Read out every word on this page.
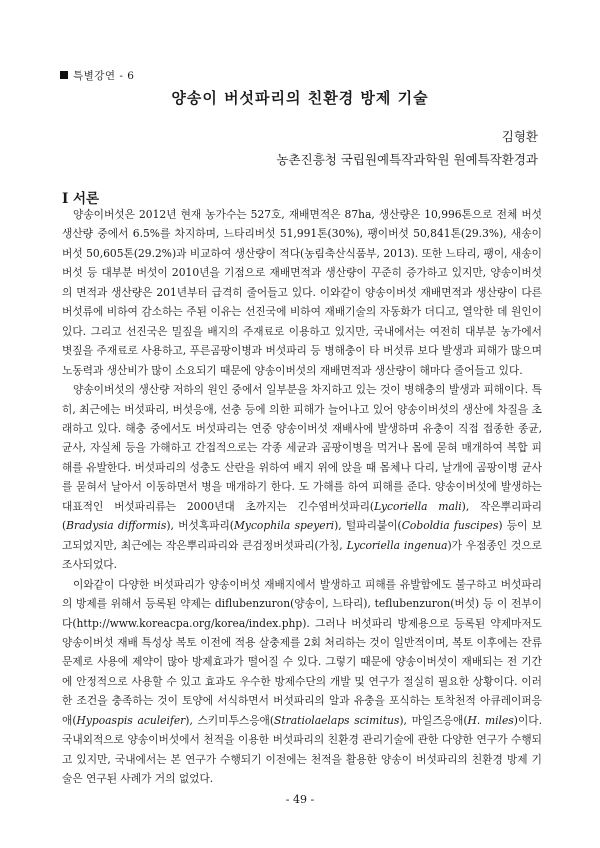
특별강연 - 6
양송이 버섯파리의 친환경 방제 기술
김형환
농촌진흥청 국립원예특작과학원 원예특작환경과
I 서론

양송이버섯은 2012년 현재 농가수는 527호, 재배면적은 87ha, 생산량은 10,996톤으로 전체 버섯 생산량 중에서 6.5%를 차지하며, 느타리버섯 51,991톤(30%), 팽이버섯 50,841톤(29.3%), 새송이버섯 50,605톤(29.2%)과 비교하여 생산량이 적다(농림축산식품부, 2013). 또한 느타리, 팽이, 새송이버섯 등 대부분 버섯이 2010년을 기점으로 재배면적과 생산량이 꾸준히 증가하고 있지만, 양송이버섯의 면적과 생산량은 201년부터 급격히 줄어들고 있다. 이와같이 양송이버섯 재배면적과 생산량이 다른 버섯류에 비하여 감소하는 주된 이유는 선진국에 비하여 재배기술의 자동화가 더디고, 열악한 데 원인이 있다. 그리고 선진국은 밀짚을 배지의 주재료로 이용하고 있지만, 국내에서는 여전히 대부분 농가에서 볏짚을 주재료로 사용하고, 푸른곰팡이병과 버섯파리 등 병해충이 타 버섯류 보다 발생과 피해가 많으며 노동력과 생산비가 많이 소요되기 때문에 양송이버섯의 재배면적과 생산량이 해마다 줄어들고 있다.

양송이버섯의 생산량 저하의 원인 중에서 일부분을 차지하고 있는 것이 병해충의 발생과 피해이다. 특히, 최근에는 버섯파리, 버섯응애, 선충 등에 의한 피해가 늘어나고 있어 양송이버섯의 생산에 차질을 초래하고 있다. 해충 중에서도 버섯파리는 연중 양송이버섯 재배사에 발생하며 유충이 직접 접종한 종균, 균사, 자실체 등을 가해하고 간접적으로는 각종 세균과 곰팡이병을 먹거나 몸에 묻혀 매개하여 복합 피해를 유발한다. 버섯파리의 성충도 산란을 위하여 배지 위에 앉을 때 몸체나 다리, 날개에 곰팡이병 균사를 묻혀서 날아서 이동하면서 병을 매개하기 한다. 도 가해를 하여 피해를 준다. 양송이버섯에 발생하는 대표적인 버섯파리류는 2000년대 초까지는 긴수염버섯파리(Lycoriella mali), 작은뿌리파리(Bradysia difformis), 버섯혹파리(Mycophila speyeri), 털파리붙이(Coboldia fuscipes) 등이 보고되었지만, 최근에는 작은뿌리파리와 큰검정버섯파리(가칭, Lycoriella ingenua)가 우점종인 것으로 조사되었다.

이와같이 다양한 버섯파리가 양송이버섯 재배지에서 발생하고 피해를 유발함에도 불구하고 버섯파리의 방제를 위해서 등록된 약제는 diflubenzuron(양송이, 느타리), teflubenzuron(버섯) 등 이 전부이다(http://www.koreacpa.org/korea/index.php). 그러나 버섯파리 방제용으로 등록된 약제마저도 양송이버섯 재배 특성상 복토 이전에 적용 살충제를 2회 처리하는 것이 일반적이며, 복토 이후에는 잔류 문제로 사용에 제약이 많아 방제효과가 떨어질 수 있다. 그렇기 때문에 양송이버섯이 재배되는 전 기간에 안정적으로 사용할 수 있고 효과도 우수한 방제수단의 개발 및 연구가 절실히 필요한 상황이다. 이러한 조건을 충족하는 것이 토양에 서식하면서 버섯파리의 알과 유충을 포식하는 토착천적 아큐레이퍼응애(Hypoaspis aculeifer), 스키미투스응애(Stratiolaelaps scimitus), 마일즈응애(H. miles)이다. 국내외적으로 양송이버섯에서 천적을 이용한 버섯파리의 친환경 관리기술에 관한 다양한 연구가 수행되고 있지만, 국내에서는 본 연구가 수행되기 이전에는 천적을 활용한 양송이 버섯파리의 친환경 방제 기술은 연구된 사례가 거의 없었다.

- 49 -
